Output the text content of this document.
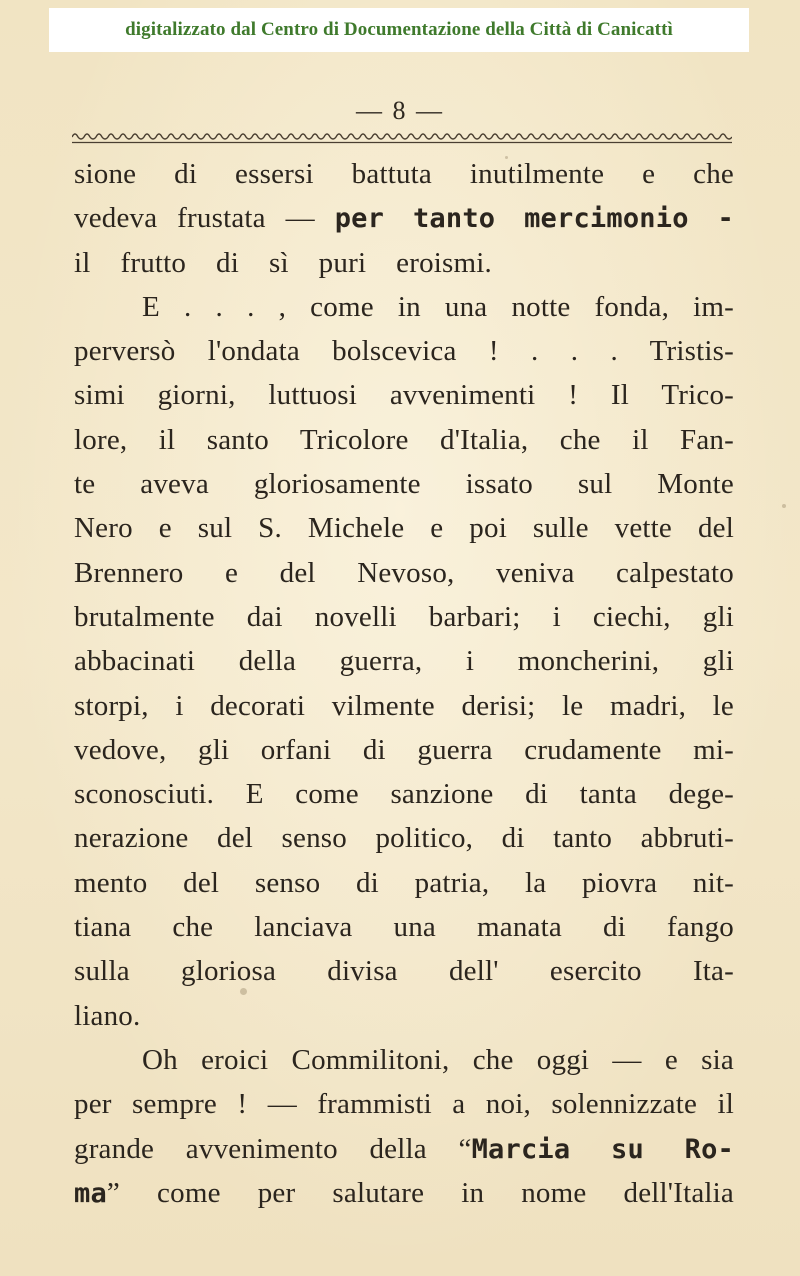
digitalizzato dal Centro di Documentazione della Città di Canicattì
— 8 —
sione di essersi battuta inutilmente e che
vedeva frustata — per tanto mercimonio -
il frutto di sì puri eroismi.
E . . . , come in una notte fonda, im-
perversò l'ondata bolscevica ! . . . Tristis-
simi giorni, luttuosi avvenimenti ! Il Trico-
lore, il santo Tricolore d'Italia, che il Fan-
te aveva gloriosamente issato sul Monte
Nero e sul S. Michele e poi sulle vette del
Brennero e del Nevoso, veniva calpestato
brutalmente dai novelli barbari; i ciechi, gli
abbacinati della guerra, i moncherini, gli
storpi, i decorati vilmente derisi; le madri, le
vedove, gli orfani di guerra crudamente mi-
sconosciuti. E come sanzione di tanta dege-
nerazione del senso politico, di tanto abbruti-
mento del senso di patria, la piovra nit-
tiana che lanciava una manata di fango
sulla gloriosa divisa dell' esercito Ita-
liano.
Oh eroici Commilitoni, che oggi — e sia
per sempre ! — frammisti a noi, solennizzate il
grande avvenimento della “Marcia su Ro-
ma” come per salutare in nome dell'Italia
